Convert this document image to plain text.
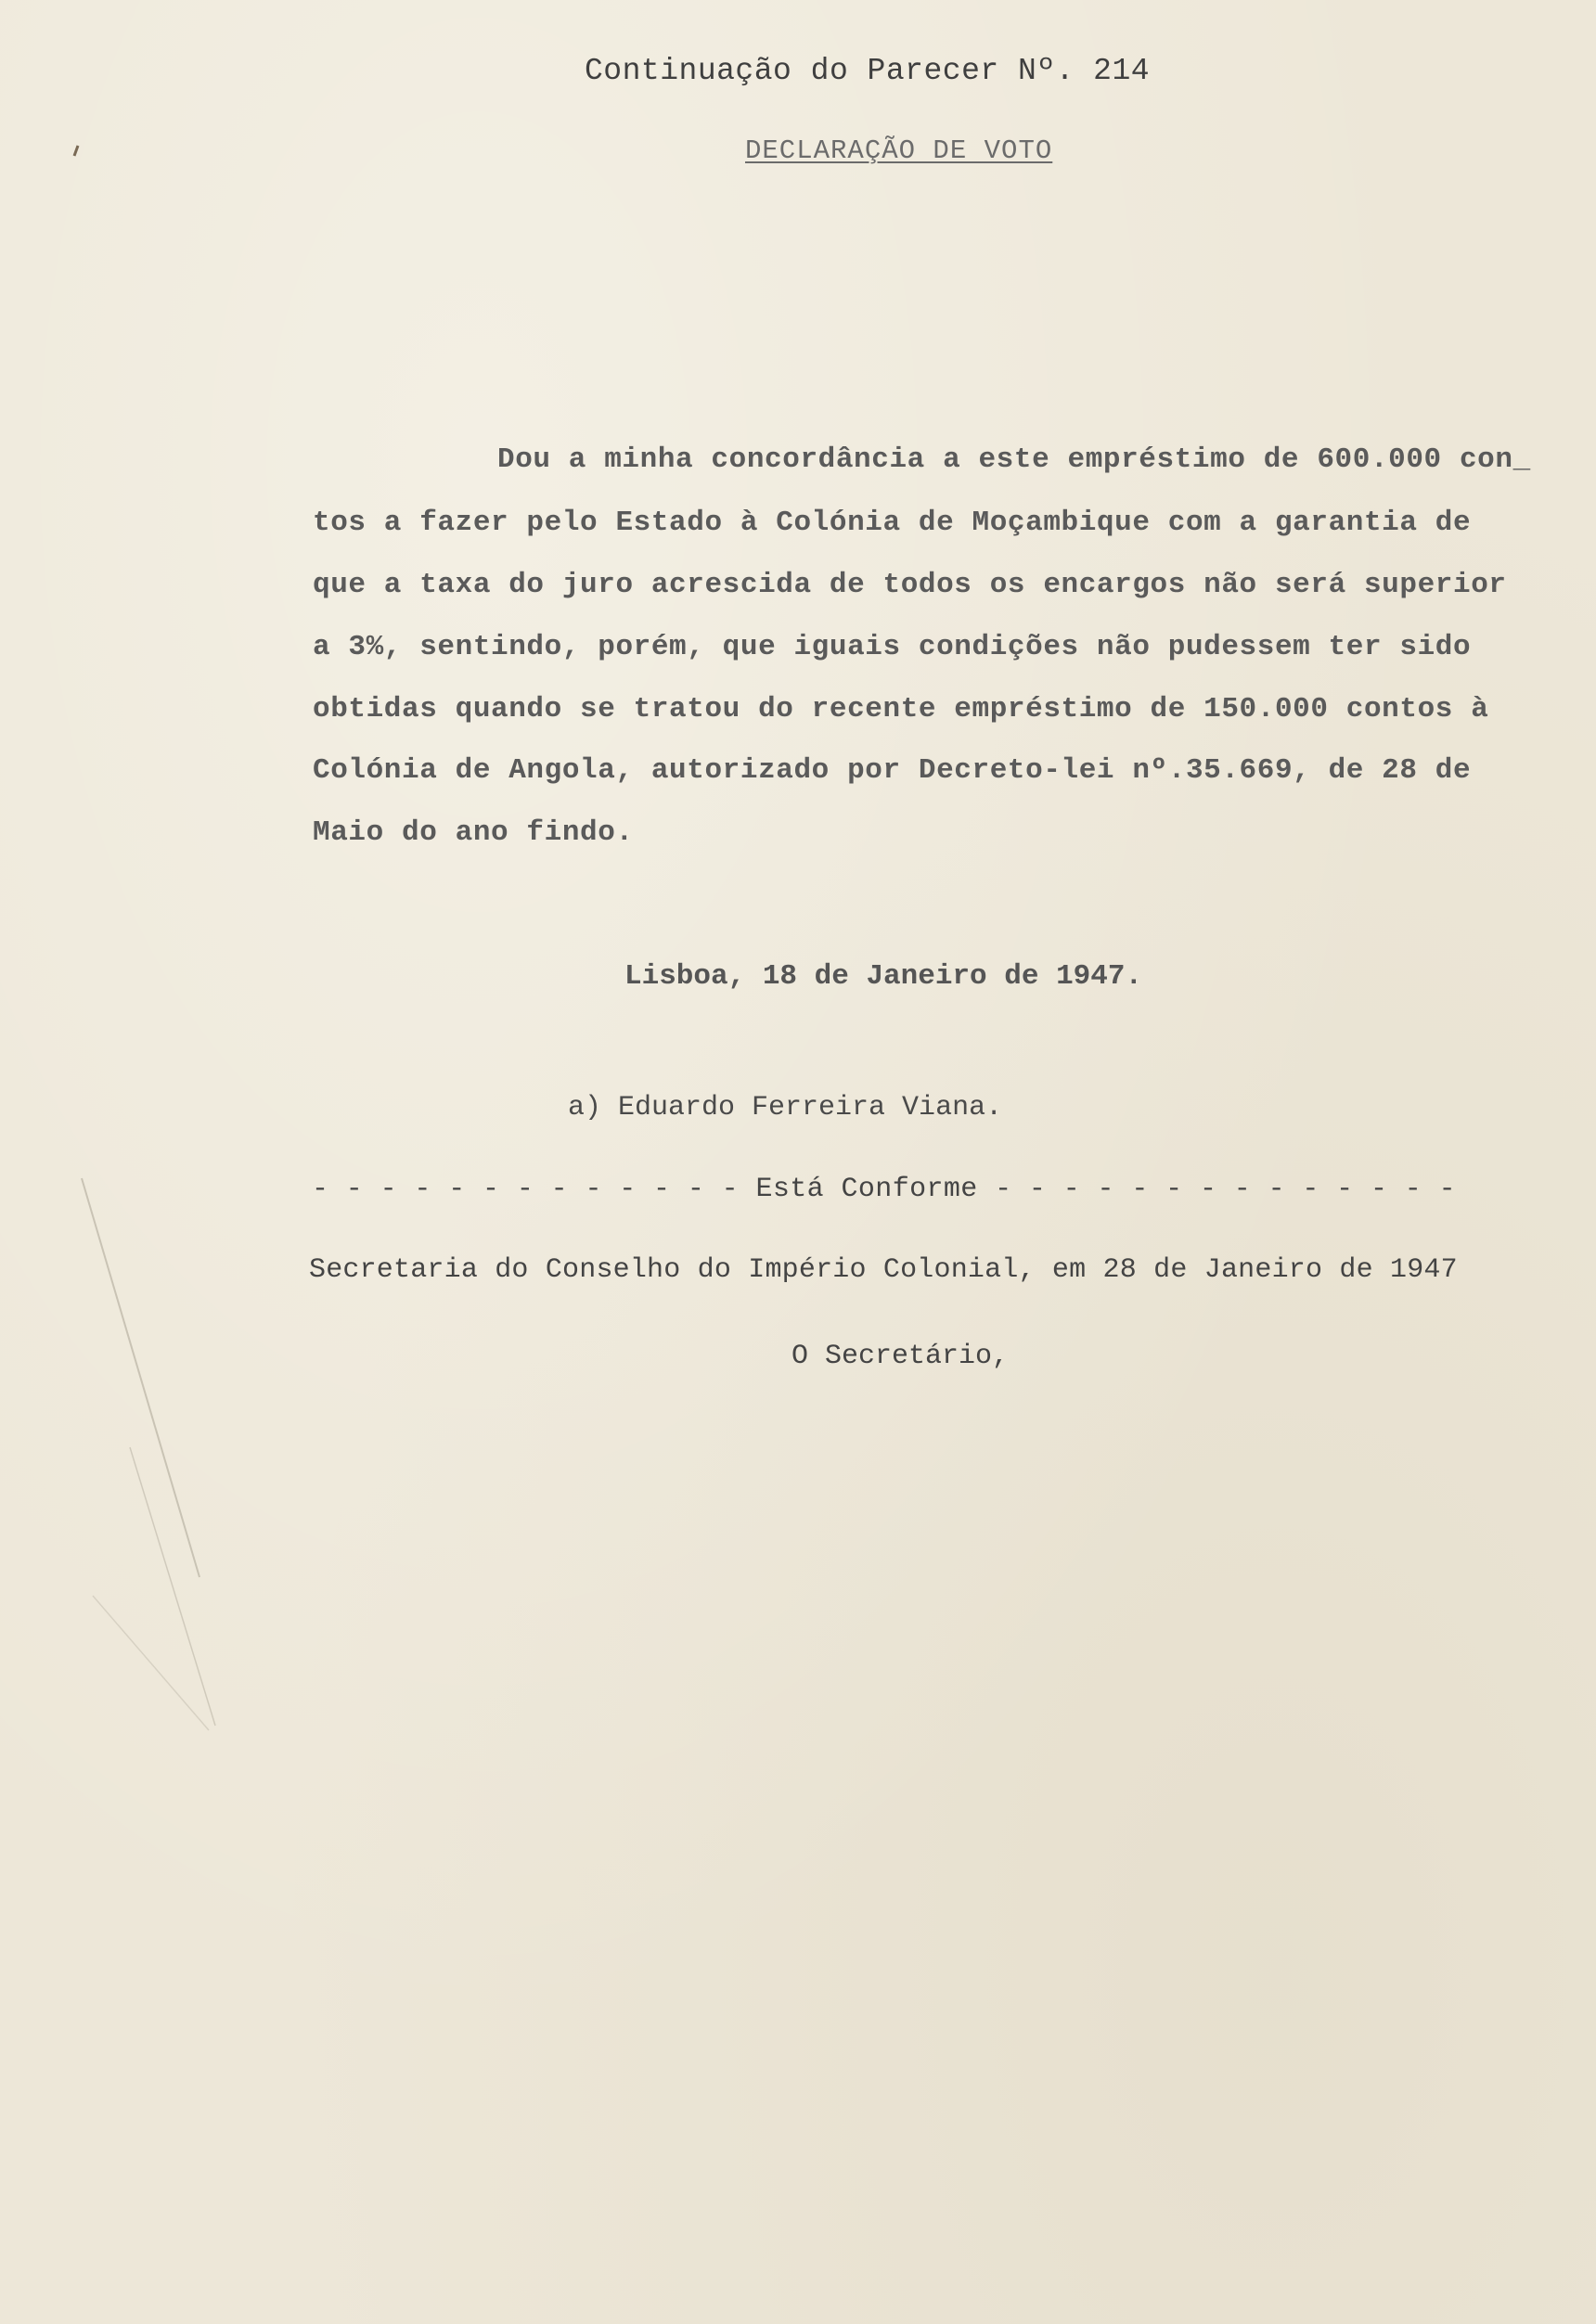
Continuação do Parecer Nº. 214
DECLARAÇÃO DE VOTO
Dou a minha concordância a este empréstimo de 600.000 con_
tos a fazer pelo Estado à Colónia de Moçambique com a garantia de
que a taxa do juro acrescida de todos os encargos não será superior
a 3%, sentindo, porém, que iguais condições não pudessem ter sido
obtidas quando se tratou do recente empréstimo de 150.000 contos à
Colónia de Angola, autorizado por Decreto-lei nº.35.669, de 28 de
Maio do ano findo.
Lisboa, 18 de Janeiro de 1947.
a) Eduardo Ferreira Viana.
- - - - - - - - - - - - - Está Conforme - - - - - - - - - - - - - -
Secretaria do Conselho do Império Colonial, em 28 de Janeiro de 1947
O Secretário,
